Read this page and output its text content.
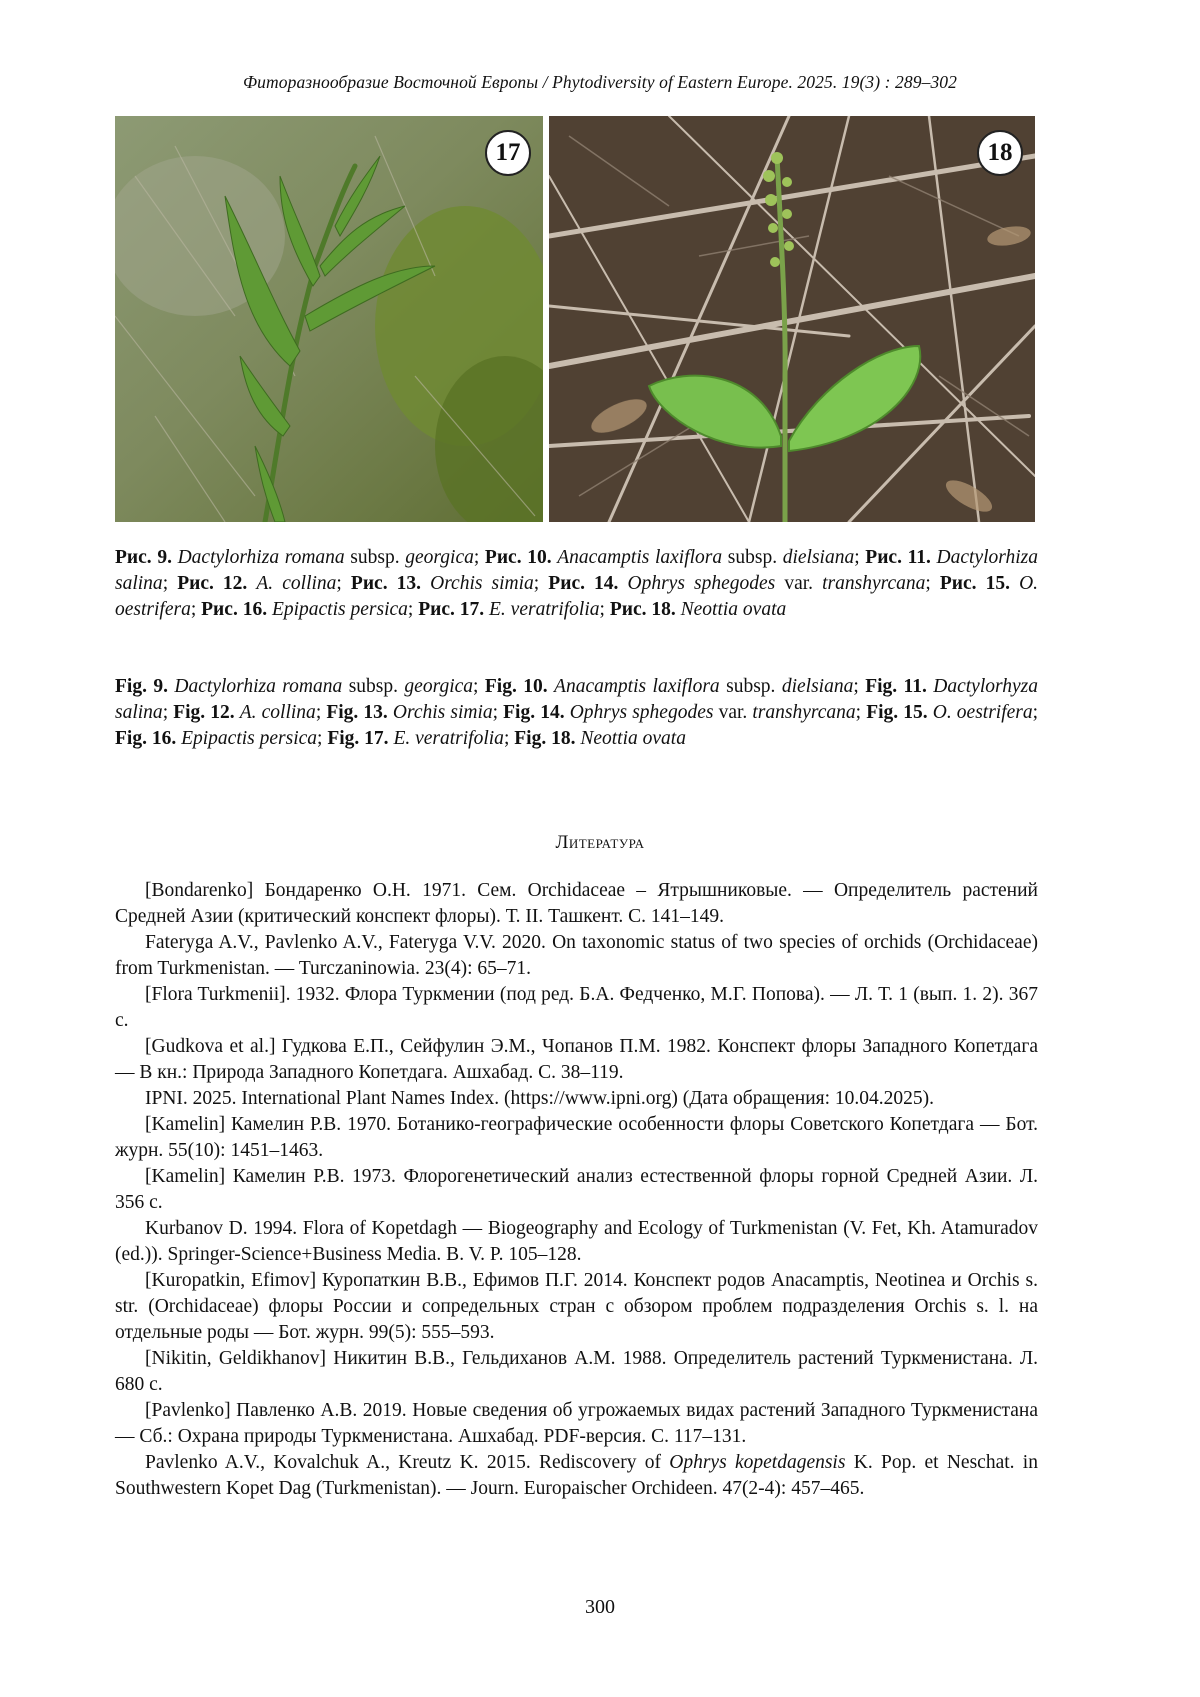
Фиторазнообразие Восточной Европы / Phytodiversity of Eastern Europe. 2025. 19(3) : 289–302
17	18
Рис. 9. Dactylorhiza romana subsp. georgica; Рис. 10. Anacamptis laxiflora subsp. dielsiana; Рис. 11. Dactylorhiza salina; Рис. 12. A. collina; Рис. 13. Orchis simia; Рис. 14. Ophrys sphegodes var. transhyrcana; Рис. 15. O. oestrifera; Рис. 16. Epipactis persica; Рис. 17. E. veratrifolia; Рис. 18. Neottia ovata
Fig. 9. Dactylorhiza romana subsp. georgica; Fig. 10. Anacamptis laxiflora subsp. dielsiana; Fig. 11. Dactylorhyza salina; Fig. 12. A. collina; Fig. 13. Orchis simia; Fig. 14. Ophrys sphegodes var. transhyrcana; Fig. 15. O. oestrifera; Fig. 16. Epipactis persica; Fig. 17. E. veratrifolia; Fig. 18. Neottia ovata
Литература

[Bondarenko] Бондаренко О.Н. 1971. Сем. Orchidaceae – Ятрышниковые. — Определитель растений Средней Азии (критический конспект флоры). Т. II. Ташкент. С. 141–149.

Fateryga A.V., Pavlenko A.V., Fateryga V.V. 2020. On taxonomic status of two species of orchids (Orchidaceae) from Turkmenistan. — Turczaninowia. 23(4): 65–71.

[Flora Turkmenii]. 1932. Флора Туркмении (под ред. Б.А. Федченко, М.Г. Попова). — Л. Т. 1 (вып. 1. 2). 367 с.

[Gudkova et al.] Гудкова Е.П., Сейфулин Э.М., Чопанов П.М. 1982. Конспект флоры Западного Копетдага — В кн.: Природа Западного Копетдага. Ашхабад. С. 38–119.

IPNI. 2025. International Plant Names Index. (https://www.ipni.org) (Дата обращения: 10.04.2025).

[Kamelin] Камелин Р.В. 1970. Ботанико-географические особенности флоры Советского Копетдага — Бот. журн. 55(10): 1451–1463.

[Kamelin] Камелин Р.В. 1973. Флорогенетический анализ естественной флоры горной Средней Азии. Л. 356 с.

Kurbanov D. 1994. Flora of Kopetdagh — Biogeography and Ecology of Turkmenistan (V. Fet, Kh. Atamuradov (ed.)). Springer-Science+Business Media. B. V. P. 105–128.

[Kuropatkin, Efimov] Куропаткин В.В., Ефимов П.Г. 2014. Конспект родов Anacamptis, Neotinea и Orchis s. str. (Orchidaceae) флоры России и сопредельных стран с обзором проблем подразделения Orchis s. l. на отдельные роды — Бот. журн. 99(5): 555–593.

[Nikitin, Geldikhanov] Никитин В.В., Гельдиханов А.М. 1988. Определитель растений Туркменистана. Л. 680 с.

[Pavlenko] Павленко А.В. 2019. Новые сведения об угрожаемых видах растений Западного Туркменистана — Сб.: Охрана природы Туркменистана. Ашхабад. PDF-версия. С. 117–131.

Pavlenko A.V., Kovalchuk A., Kreutz K. 2015. Rediscovery of Ophrys kopetdagensis K. Pop. et Neschat. in Southwestern Kopet Dag (Turkmenistan). — Journ. Europaischer Orchideen. 47(2-4): 457–465.

300
